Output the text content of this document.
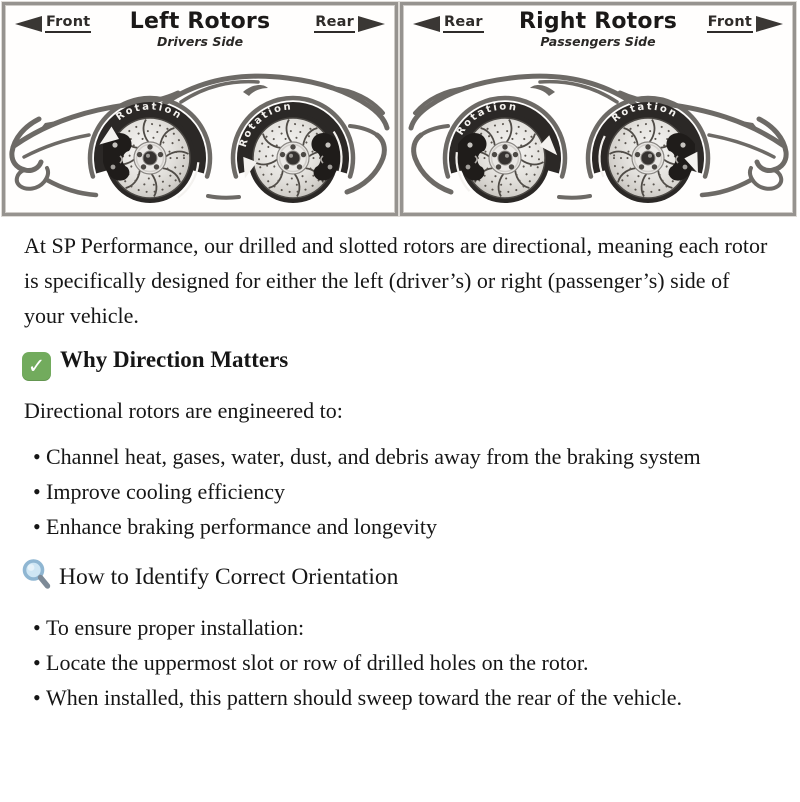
Front	Left Rotors
Drivers Side
Rear	Rear	Right Rotors
Passengers Side
Front

At SP Performance, our drilled and slotted rotors are directional, meaning each rotor is specifically designed for either the left (driver’s) or right (passenger’s) side of your vehicle.

✓ Why Direction Matters

Directional rotors are engineered to:

• Channel heat, gases, water, dust, and debris away from the braking system
• Improve cooling efficiency
• Enhance braking performance and longevity
How to Identify Correct Orientation
• To ensure proper installation:
• Locate the uppermost slot or row of drilled holes on the rotor.
• When installed, this pattern should sweep toward the rear of the vehicle.
